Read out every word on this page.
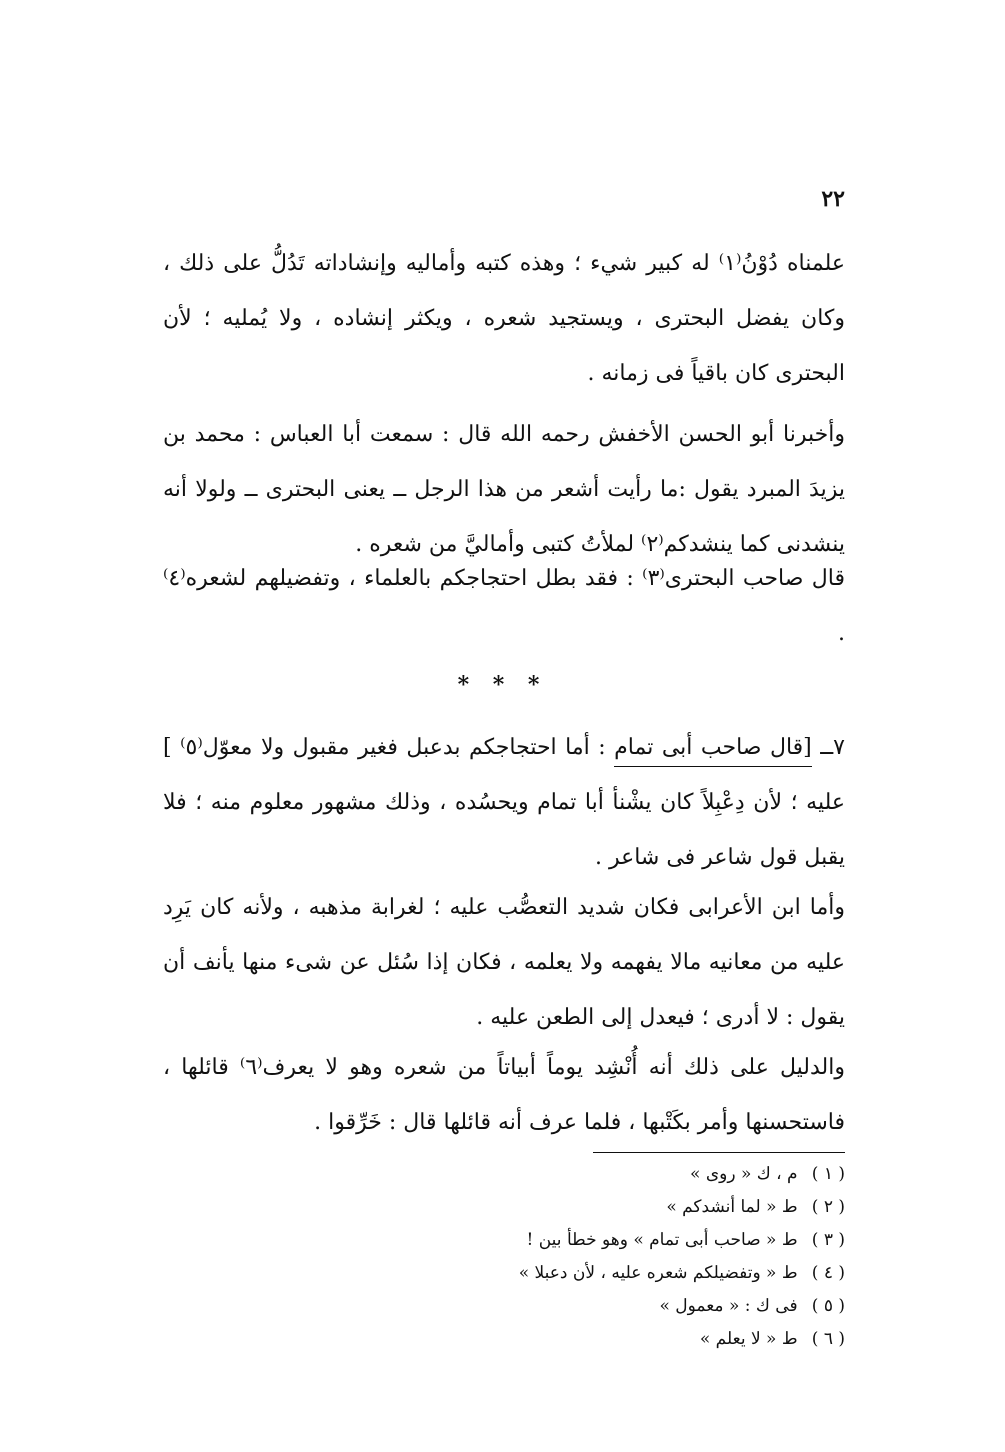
٢٢
علمناه دُوْنُ⁽١⁾ له كبير شيء ؛ وهذه كتبه وأماليه وإنشاداته تَدُلُّ على ذلك ، وكان يفضل البحترى ، ويستجيد شعره ، ويكثر إنشاده ، ولا يُمليه ؛ لأن البحترى كان باقياً فى زمانه .
وأخبرنا أبو الحسن الأخفش رحمه الله قال : سمعت أبا العباس : محمد بن يزيدَ المبرد يقول :ما رأيت أشعر من هذا الرجل ــ يعنى البحترى ــ ولولا أنه ينشدنى كما ينشدكم⁽٢⁾ لملأتُ كتبى وأماليَّ من شعره .
قال صاحب البحترى⁽٣⁾ : فقد بطل احتجاجكم بالعلماء ، وتفضيلهم لشعره⁽٤⁾ .
* * *
٧ــ [قال صاحب أبى تمام : أما احتجاجكم بدعبل فغير مقبول ولا معوّل⁽٥⁾ ] عليه ؛ لأن دِعْبِلاً كان يشْنأ أبا تمام ويحسُده ، وذلك مشهور معلوم منه ؛ فلا يقبل قول شاعر فى شاعر .
وأما ابن الأعرابى فكان شديد التعصُّب عليه ؛ لغرابة مذهبه ، ولأنه كان يَرِد عليه من معانيه مالا يفهمه ولا يعلمه ، فكان إذا سُئل عن شىء منها يأنف أن يقول : لا أدرى ؛ فيعدل إلى الطعن عليه .
والدليل على ذلك أنه أُنْشِد يوماً أبياتاً من شعره وهو لا يعرف⁽٦⁾ قائلها ، فاستحسنها وأمر بكَتْبها ، فلما عرف أنه قائلها قال : خَرِّقوا .
( ١ ) م ، ك « روى »
( ٢ ) ط « لما أنشدكم »
( ٣ ) ط « صاحب أبى تمام » وهو خطأ بين !
( ٤ ) ط « وتفضيلكم شعره عليه ، لأن دعبلا »
( ٥ ) فى ك : « معمول »
( ٦ ) ط « لا يعلم »
